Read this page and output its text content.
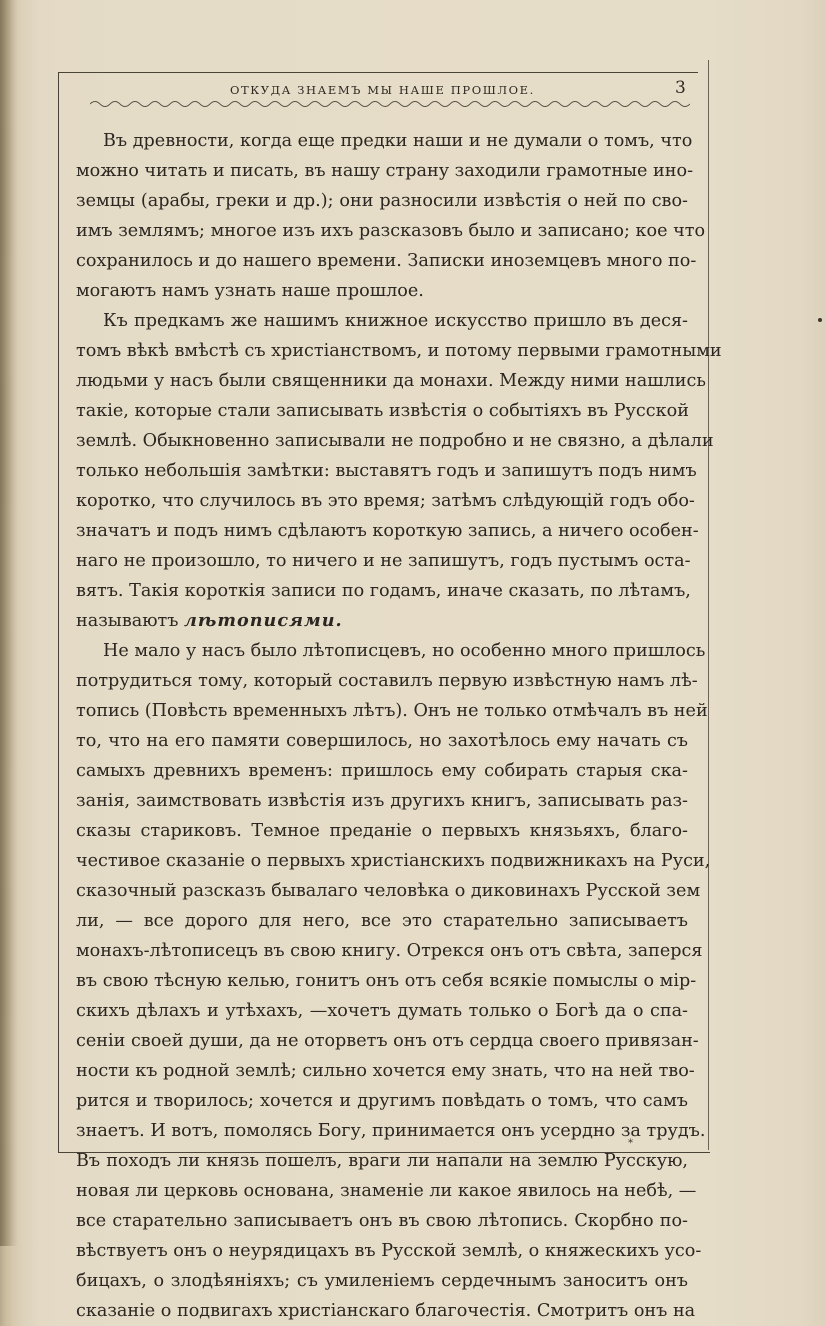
ОТКУДА ЗНАЕМЪ МЫ НАШЕ ПРОШЛОЕ.	3
Въ древности, когда еще предки наши и не думали о томъ, что
можно читать и писать, въ нашу страну заходили грамотные ино-
земцы (арабы, греки и др.); они разносили извѣстія о ней по сво-
имъ землямъ; многое изъ ихъ разсказовъ было и записано; кое что
сохранилось и до нашего времени. Записки иноземцевъ много по-
могаютъ намъ узнать наше прошлое.
Къ предкамъ же нашимъ книжное искусство пришло въ деся-
томъ вѣкѣ вмѣстѣ съ христіанствомъ, и потому первыми грамотными
людьми у насъ были священники да монахи. Между ними нашлись
такіе, которые стали записывать извѣстія о событіяхъ въ Русской
землѣ. Обыкновенно записывали не подробно и не связно, а дѣлали
только небольшія замѣтки: выставятъ годъ и запишутъ подъ нимъ
коротко, что случилось въ это время; затѣмъ слѣдующій годъ обо-
значатъ и подъ нимъ сдѣлаютъ короткую запись, а ничего особен-
наго не произошло, то ничего и не запишутъ, годъ пустымъ оста-
вятъ. Такія короткія записи по годамъ, иначе сказать, по лѣтамъ,
называютъ лѣтописями.
Не мало у насъ было лѣтописцевъ, но особенно много пришлось
потрудиться тому, который составилъ первую извѣстную намъ лѣ-
топись (Повѣсть временныхъ лѣтъ). Онъ не только отмѣчалъ въ ней
то, что на его памяти совершилось, но захотѣлось ему начать съ
самыхъ древнихъ временъ: пришлось ему собирать старыя ска-
занія, заимствовать извѣстія изъ другихъ книгъ, записывать раз-
сказы стариковъ. Темное преданіе о первыхъ князьяхъ, благо-
честивое сказаніе о первыхъ христіанскихъ подвижникахъ на Руси,
сказочный разсказъ бывалаго человѣка о диковинахъ Русской зем
ли, — все дорого для него, все это старательно записываетъ
монахъ-лѣтописецъ въ свою книгу. Отрекся онъ отъ свѣта, заперся
въ свою тѣсную келью, гонитъ онъ отъ себя всякіе помыслы о мір-
скихъ дѣлахъ и утѣхахъ, —хочетъ думать только о Богѣ да о спа-
сеніи своей души, да не оторветъ онъ отъ сердца своего привязан-
ности къ родной землѣ; сильно хочется ему знать, что на ней тво-
рится и творилось; хочется и другимъ повѣдать о томъ, что самъ
знаетъ. И вотъ, помолясь Богу, принимается онъ усердно за трудъ.
Въ походъ ли князь пошелъ, враги ли напали на землю Русскую,
новая ли церковь основана, знаменіе ли какое явилось на небѣ, —
все старательно записываетъ онъ въ свою лѣтопись. Скорбно по-
вѣствуетъ онъ о неурядицахъ въ Русской землѣ, о княжескихъ усо-
бицахъ, о злодѣяніяхъ; съ умиленіемъ сердечнымъ заноситъ онъ
сказаніе о подвигахъ христіанскаго благочестія. Смотритъ онъ на
*
